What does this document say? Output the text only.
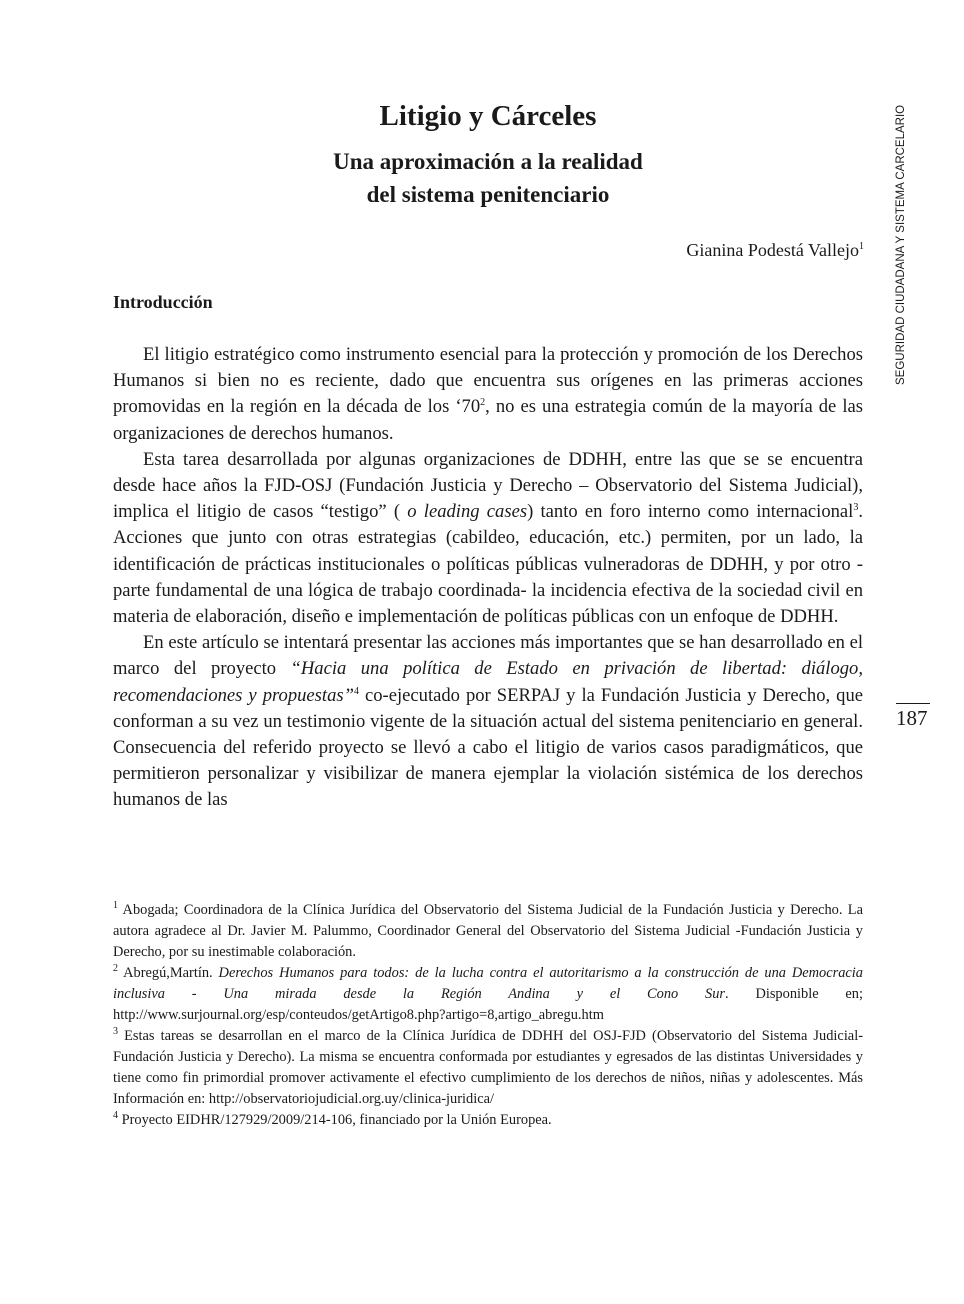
Litigio y Cárceles
Una aproximación a la realidad
del sistema penitenciario
Gianina Podestá Vallejo$^1$
Introducción

El litigio estratégico como instrumento esencial para la protección y promoción de los Derechos Humanos si bien no es reciente, dado que encuentra sus orígenes en las primeras acciones promovidas en la región en la década de los ‘$70^2$, no es una estrategia común de la mayoría de las organizaciones de derechos humanos.

Esta tarea desarrollada por algunas organizaciones de DDHH, entre las que se se encuentra desde hace años la FJD-OSJ (Fundación Justicia y Derecho – Observatorio del Sistema Judicial), implica el litigio de casos “testigo” ( o leading cases) tanto en foro interno como internacional$^3$. Acciones que junto con otras estrategias (cabildeo, educación, etc.) permiten, por un lado, la identificación de prácticas institucionales o políticas públicas vulneradoras de DDHH, y por otro -parte fundamental de una lógica de trabajo coordinada- la incidencia efectiva de la sociedad civil en materia de elaboración, diseño e implementación de políticas públicas con un enfoque de DDHH.

En este artículo se intentará presentar las acciones más importantes que se han desarrollado en el marco del proyecto “Hacia una política de Estado en privación de libertad: diálogo, recomendaciones y propuestas”$^4$ co-ejecutado por SERPAJ y la Fundación Justicia y Derecho, que conforman a su vez un testimonio vigente de la situación actual del sistema penitenciario en general. Consecuencia del referido proyecto se llevó a cabo el litigio de varios casos paradigmáticos, que permitieron personalizar y visibilizar de manera ejemplar la violación sistémica de los derechos humanos de las

$^1$ Abogada; Coordinadora de la Clínica Jurídica del Observatorio del Sistema Judicial de la Fundación Justicia y Derecho. La autora agradece al Dr. Javier M. Palummo, Coordinador General del Observatorio del Sistema Judicial -Fundación Justicia y Derecho, por su inestimable colaboración.

$^2$ Abregú,Martín. Derechos Humanos para todos: de la lucha contra el autoritarismo a la construcción de una Democracia inclusiva - Una mirada desde la Región Andina y el Cono Sur. Disponible en; http://www.surjournal.org/esp/conteudos/getArtigo8.php?artigo=8,artigo_abregu.htm

$^3$ Estas tareas se desarrollan en el marco de la Clínica Jurídica de DDHH del OSJ-FJD (Observatorio del Sistema Judicial- Fundación Justicia y Derecho). La misma se encuentra conformada por estudiantes y egresados de las distintas Universidades y tiene como fin primordial promover activamente el efectivo cumplimiento de los derechos de niños, niñas y adolescentes. Más Información en: http://observatoriojudicial.org.uy/clinica-juridica/

$^4$ Proyecto EIDHR/127929/2009/214-106, financiado por la Unión Europea.

SEGURIDAD CIUDADANA Y SISTEMA CARCELARIO
187
